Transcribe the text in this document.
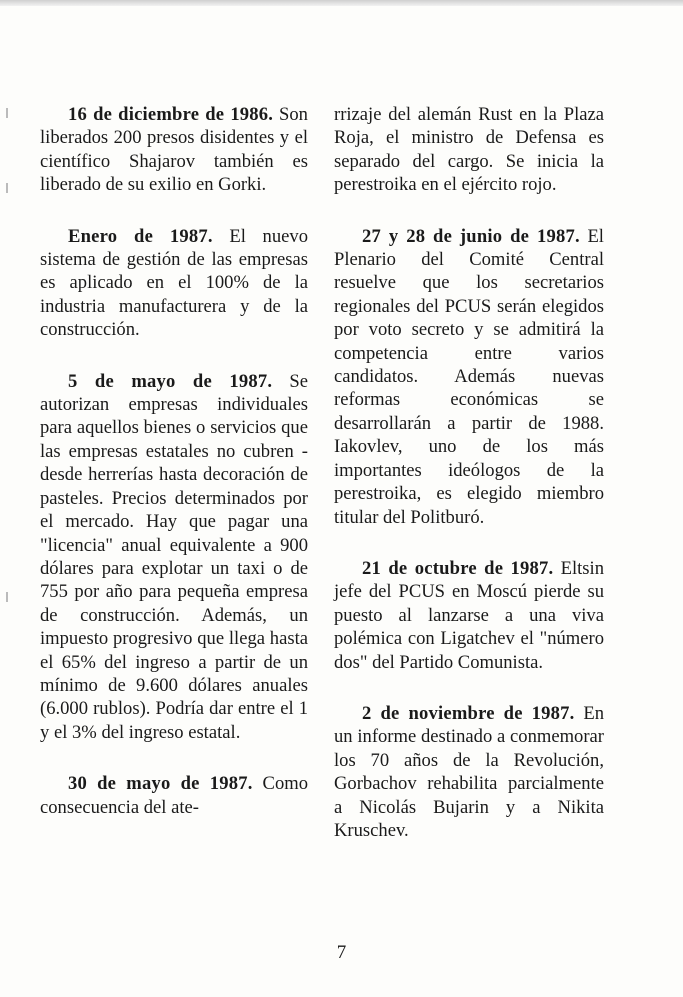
16 de diciembre de 1986. Son liberados 200 presos disidentes y el científico Shajarov también es liberado de su exilio en Gorki.

Enero de 1987. El nuevo sistema de gestión de las empresas es aplicado en el 100% de la industria manufacturera y de la construcción.

5 de mayo de 1987. Se autorizan empresas individuales para aquellos bienes o servicios que las empresas estatales no cubren -desde herrerías hasta decoración de pasteles. Precios determinados por el mercado. Hay que pagar una "licencia" anual equivalente a 900 dólares para explotar un taxi o de 755 por año para pequeña empresa de construcción. Además, un impuesto progresivo que llega hasta el 65% del ingreso a partir de un mínimo de 9.600 dólares anuales (6.000 rublos). Podría dar entre el 1 y el 3% del ingreso estatal.

30 de mayo de 1987. Como consecuencia del ate-

rrizaje del alemán Rust en la Plaza Roja, el ministro de Defensa es separado del cargo. Se inicia la perestroika en el ejército rojo.

27 y 28 de junio de 1987. El Plenario del Comité Central resuelve que los secretarios regionales del PCUS serán elegidos por voto secreto y se admitirá la competencia entre varios candidatos. Además nuevas reformas económicas se desarrollarán a partir de 1988. Iakovlev, uno de los más importantes ideólogos de la perestroika, es elegido miembro titular del Politburó.

21 de octubre de 1987. Eltsin jefe del PCUS en Moscú pierde su puesto al lanzarse a una viva polémica con Ligatchev el "número dos" del Partido Comunista.

2 de noviembre de 1987. En un informe destinado a conmemorar los 70 años de la Revolución, Gorbachov rehabilita parcialmente a Nicolás Bujarin y a Nikita Kruschev.

7
